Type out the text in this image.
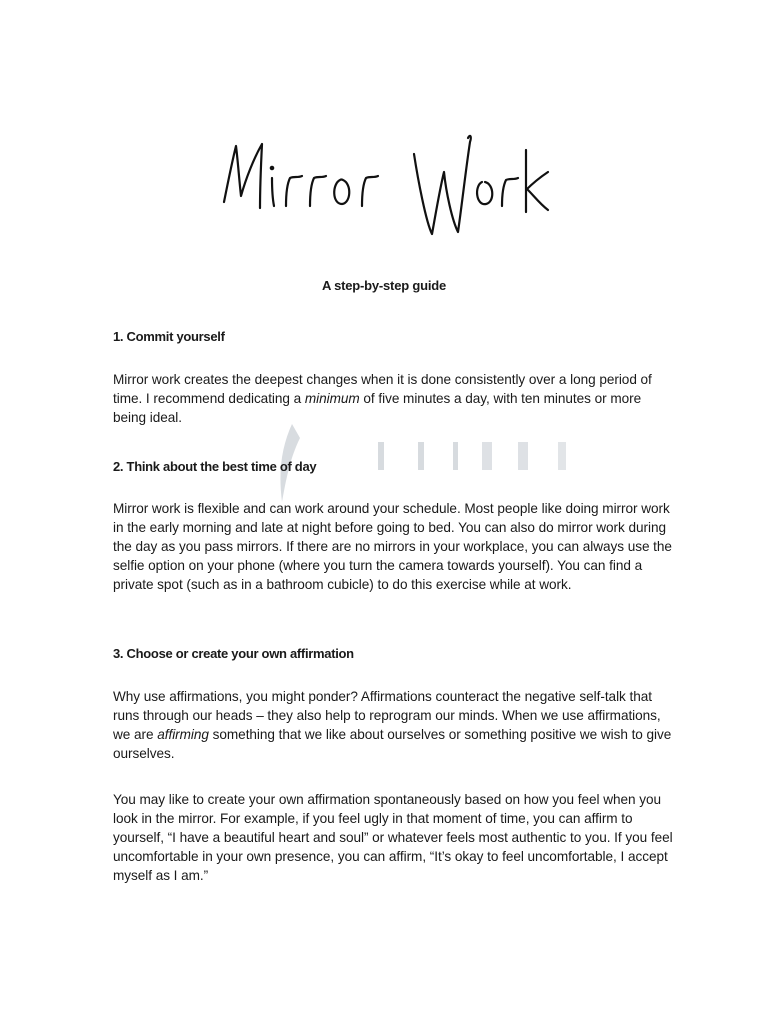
A step-by-step guide
1. Commit yourself
Mirror work creates the deepest changes when it is done consistently over a long period of time. I recommend dedicating a minimum of five minutes a day, with ten minutes or more being ideal.
2. Think about the best time of day
Mirror work is flexible and can work around your schedule. Most people like doing mirror work in the early morning and late at night before going to bed. You can also do mirror work during the day as you pass mirrors. If there are no mirrors in your workplace, you can always use the selfie option on your phone (where you turn the camera towards yourself). You can find a private spot (such as in a bathroom cubicle) to do this exercise while at work.
3. Choose or create your own affirmation
Why use affirmations, you might ponder? Affirmations counteract the negative self-talk that runs through our heads – they also help to reprogram our minds. When we use affirmations, we are affirming something that we like about ourselves or something positive we wish to give ourselves.
You may like to create your own affirmation spontaneously based on how you feel when you look in the mirror. For example, if you feel ugly in that moment of time, you can affirm to yourself, “I have a beautiful heart and soul” or whatever feels most authentic to you. If you feel uncomfortable in your own presence, you can affirm, “It’s okay to feel uncomfortable, I accept myself as I am.”
